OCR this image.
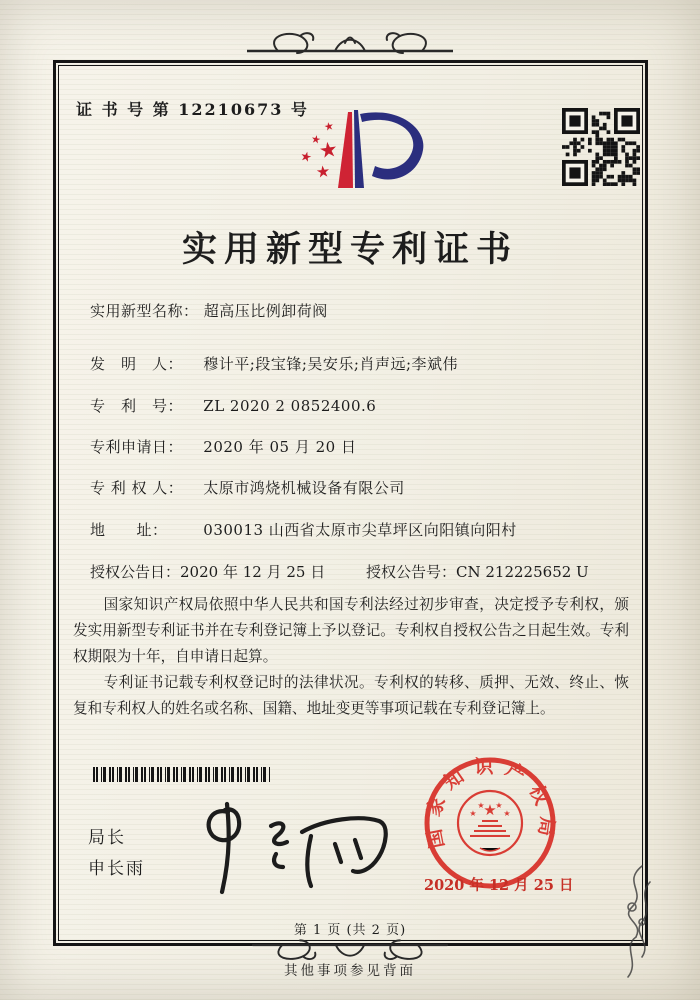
证 书 号 第 12210673 号
★
★
★
★
★
实用新型专利证书
实用新型名称： 超高压比例卸荷阀
发　明　人： 穆计平;段宝锋;吴安乐;肖声远;李斌伟
专　利　号： ZL 2020 2 0852400.6
专利申请日： 2020 年 05 月 20 日
专 利 权 人： 太原市鸿烧机械设备有限公司
地　　址： 030013 山西省太原市尖草坪区向阳镇向阳村
授权公告日：2020 年 12 月 25 日	授权公告号：CN 212225652 U

国家知识产权局依照中华人民共和国专利法经过初步审查，决定授予专利权，颁发实用新型专利证书并在专利登记簿上予以登记。专利权自授权公告之日起生效。专利权期限为十年，自申请日起算。

专利证书记载专利权登记时的法律状况。专利权的转移、质押、无效、终止、恢复和专利权人的姓名或名称、国籍、地址变更等事项记载在专利登记簿上。

局长
申长雨
国家知识产权局
★
★
★ ★
★
2020 年 12 月 25 日
第 1 页 (共 2 页)
其他事项参见背面
